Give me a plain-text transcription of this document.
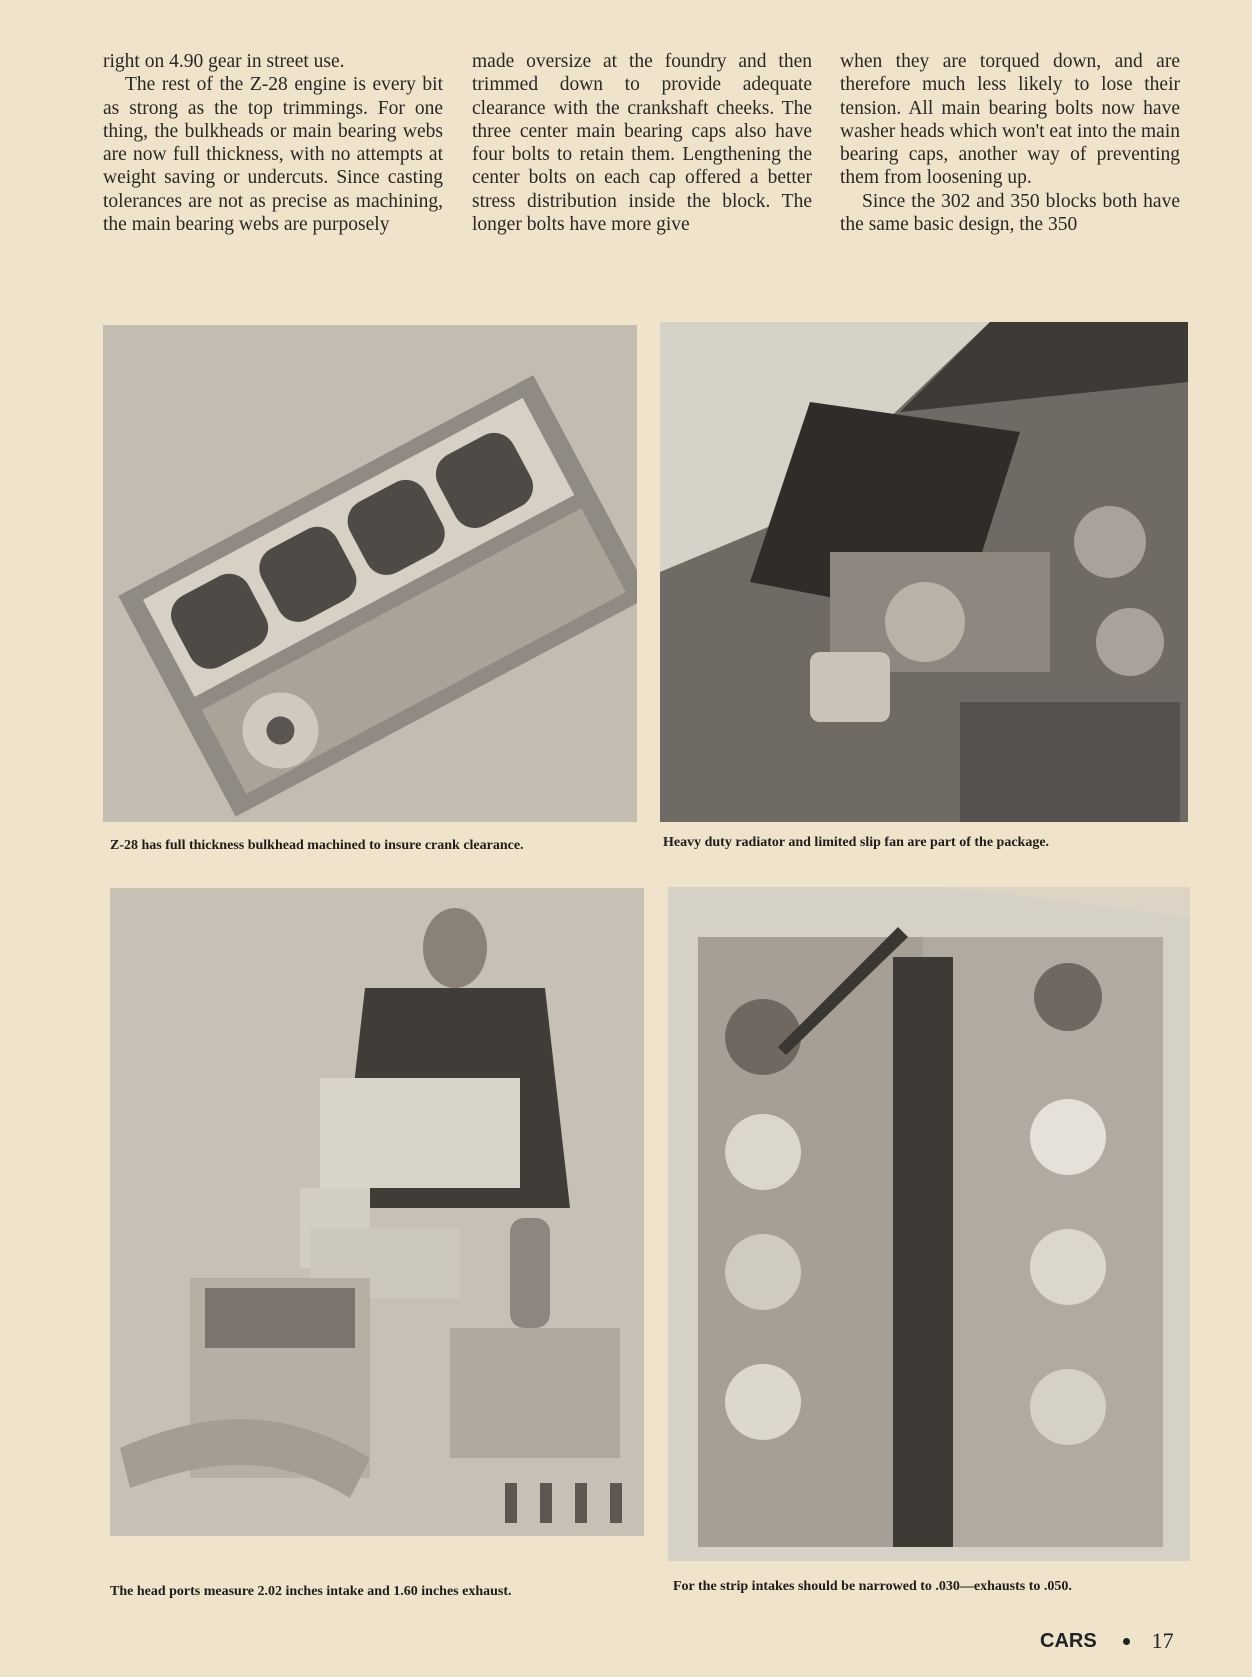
right on 4.90 gear in street use.

The rest of the Z-28 engine is every bit as strong as the top trimmings. For one thing, the bulkheads or main bearing webs are now full thickness, with no attempts at weight saving or undercuts. Since casting tolerances are not as precise as machining, the main bearing webs are purposely

made oversize at the foundry and then trimmed down to provide adequate clearance with the crankshaft cheeks. The three center main bearing caps also have four bolts to retain them. Lengthening the center bolts on each cap offered a better stress distribution inside the block. The longer bolts have more give

when they are torqued down, and are therefore much less likely to lose their tension. All main bearing bolts now have washer heads which won't eat into the main bearing caps, another way of preventing them from loosening up.

Since the 302 and 350 blocks both have the same basic design, the 350

Z-28 has full thickness bulkhead machined to insure crank clearance.	Heavy duty radiator and limited slip fan are part of the package.
The head ports measure 2.02 inches intake and 1.60 inches exhaust.	For the strip intakes should be narrowed to .030—exhausts to .050.
CARS	17
